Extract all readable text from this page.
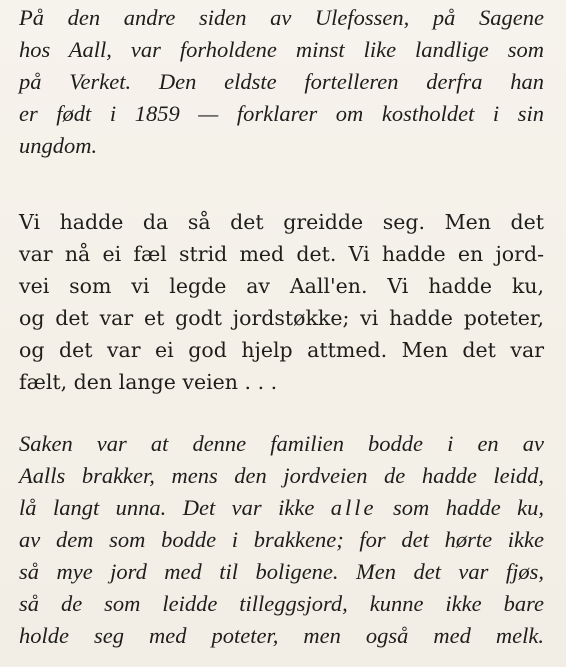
På den andre siden av Ulefossen, på Sagene
hos Aall, var forholdene minst like landlige som
på Verket. Den eldste fortelleren derfra han
er født i 1859 — forklarer om kostholdet i sin
ungdom.

Vi hadde da så det greidde seg. Men det
var nå ei fæl strid med det. Vi hadde en jord-
vei som vi legde av Aall'en. Vi hadde ku,
og det var et godt jordstøkke; vi hadde poteter,
og det var ei god hjelp attmed. Men det var
fælt, den lange veien . . .

Saken var at denne familien bodde i en av
Aalls brakker, mens den jordveien de hadde leidd,
lå langt unna. Det var ikke alle som hadde ku,
av dem som bodde i brakkene; for det hørte ikke
så mye jord med til boligene. Men det var fjøs,
så de som leidde tilleggsjord, kunne ikke bare
holde seg med poteter, men også med melk.
